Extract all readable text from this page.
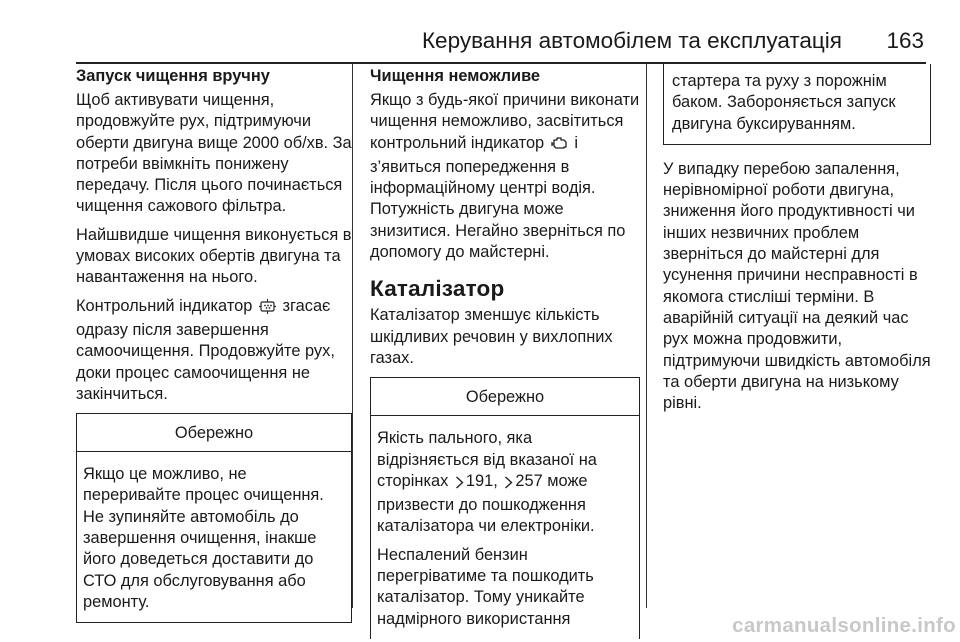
Керування автомобілем та експлуатація 163
Запуск чищення вручну
Щоб активувати чищення, продовжуйте рух, підтримуючи оберти двигуна вище 2000 об/хв. За потреби ввімкніть понижену передачу. Після цього починається чищення сажового фільтра.
Найшвидше чищення виконується в умовах високих обертів двигуна та навантаження на нього.
Контрольний індикатор згасає одразу після завершення самоочищення. Продовжуйте рух, доки процес самоочищення не закінчиться.
Обережно
Якщо це можливо, не переривайте процес очищення. Не зупиняйте автомобіль до завершення очищення, інакше його доведеться доставити до СТО для обслуговування або ремонту.
Чищення неможливе
Якщо з будь-якої причини виконати чищення неможливо, засвітиться контрольний індикатор і з’явиться попередження в інформаційному центрі водія. Потужність двигуна може знизитися. Негайно зверніться по допомогу до майстерні.
Каталізатор
Каталізатор зменшує кількість шкідливих речовин у вихлопних газах.
Обережно
Якість пального, яка відрізняється від вказаної на сторінках 191, 257 може призвести до пошкодження каталізатора чи електроніки.
Неспалений бензин перегріватиме та пошкодить каталізатор. Тому уникайте надмірного використання
стартера та руху з порожнім баком. Забороняється запуск двигуна буксируванням.
У випадку перебою запалення, нерівномірної роботи двигуна, зниження його продуктивності чи інших незвичних проблем зверніться до майстерні для усунення причини несправності в якомога стисліші терміни. В аварійній ситуації на деякий час рух можна продовжити, підтримуючи швидкість автомобіля та оберти двигуна на низькому рівні.
carmanualsonline.info
